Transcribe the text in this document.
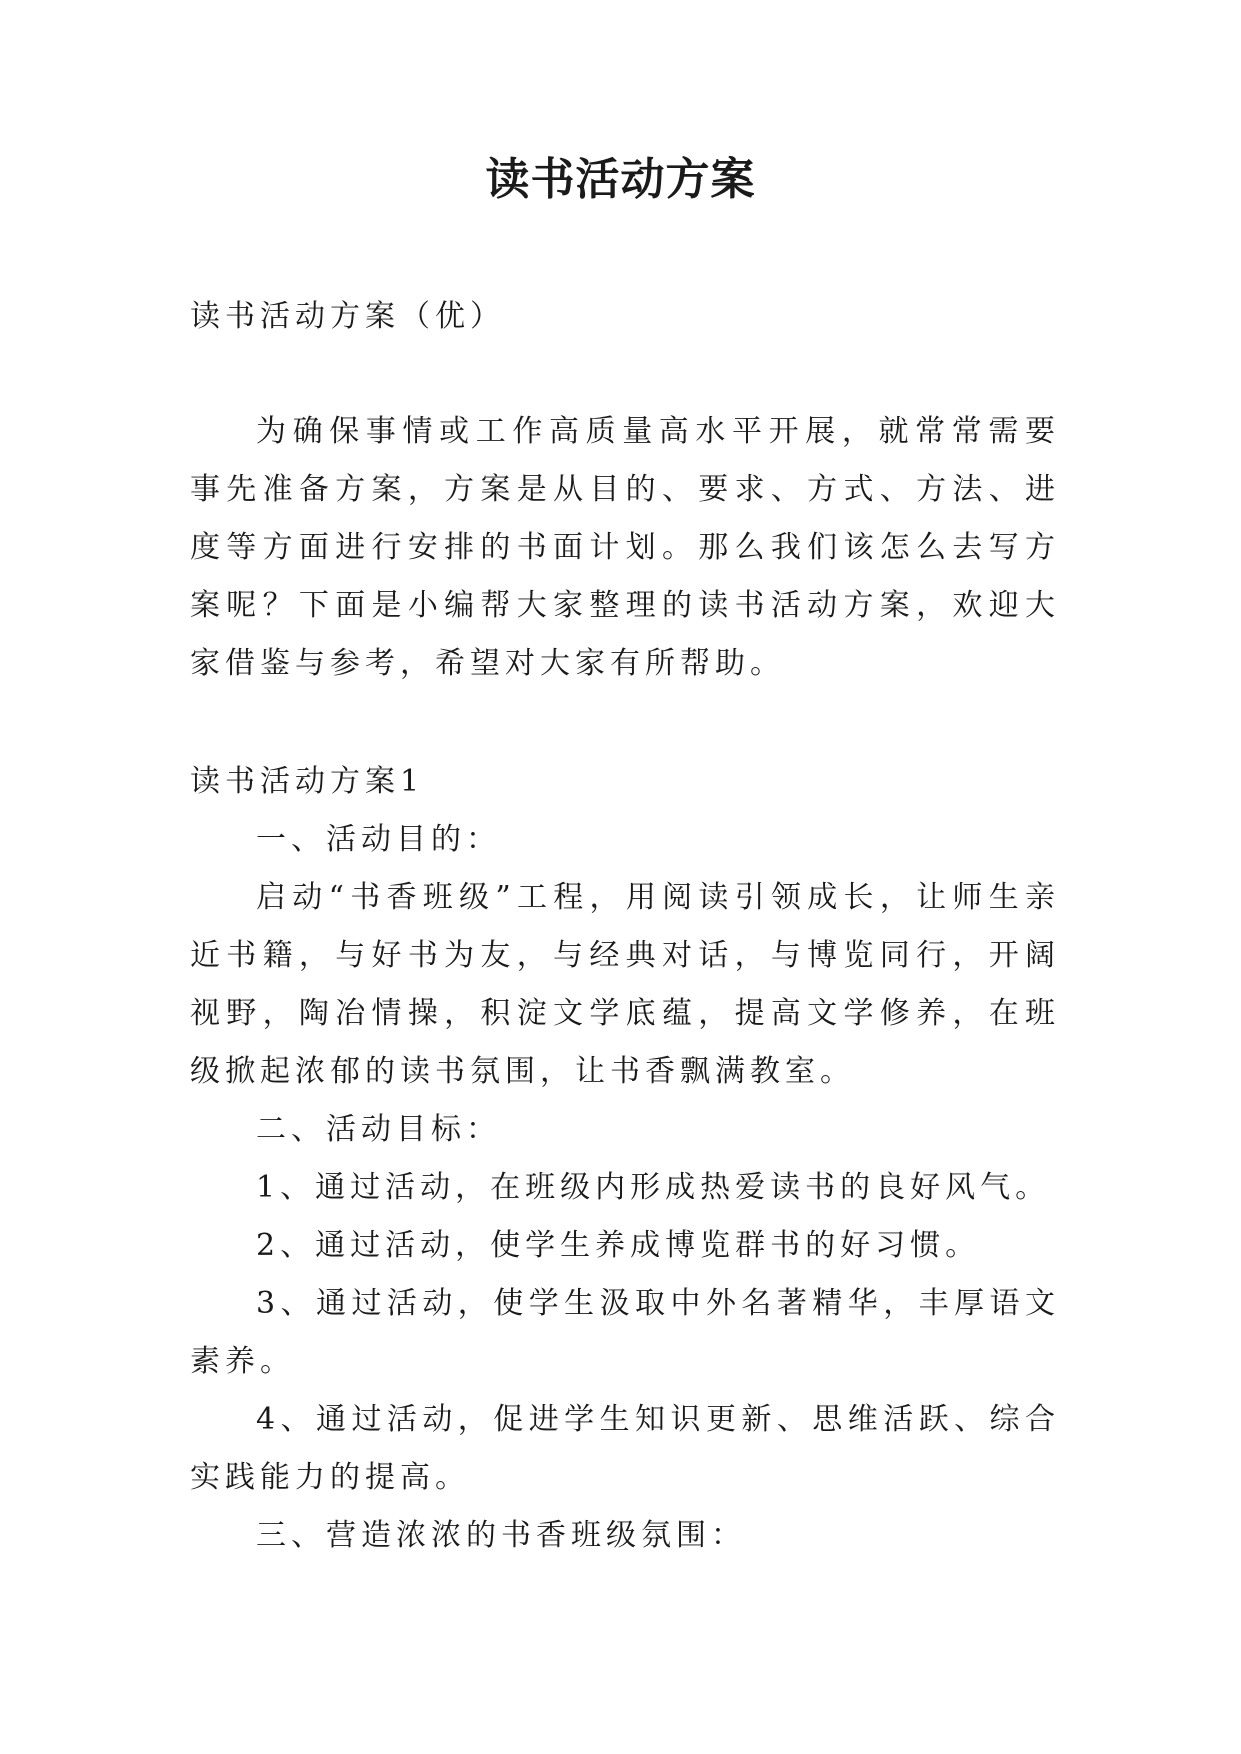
读书活动方案

读书活动方案（优）

为确保事情或工作高质量高水平开展，就常常需要事先准备方案，方案是从目的、要求、方式、方法、进度等方面进行安排的书面计划。那么我们该怎么去写方案呢？下面是小编帮大家整理的读书活动方案，欢迎大家借鉴与参考，希望对大家有所帮助。

读书活动方案1

一、活动目的：

启动“书香班级”工程，用阅读引领成长，让师生亲近书籍，与好书为友，与经典对话，与博览同行，开阔视野，陶冶情操，积淀文学底蕴，提高文学修养，在班级掀起浓郁的读书氛围，让书香飘满教室。

二、活动目标：

1、通过活动，在班级内形成热爱读书的良好风气。

2、通过活动，使学生养成博览群书的好习惯。

3、通过活动，使学生汲取中外名著精华，丰厚语文素养。

4、通过活动，促进学生知识更新、思维活跃、综合实践能力的提高。

三、营造浓浓的书香班级氛围：
